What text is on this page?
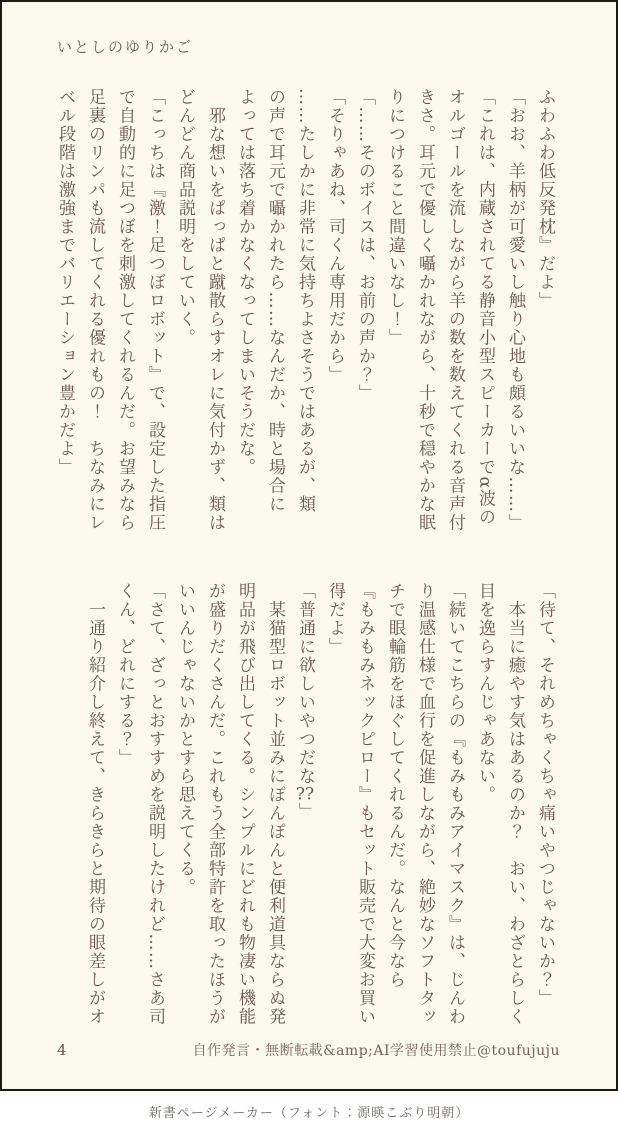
いとしのゆりかご
ふわふわ低反発枕』だよ」
「おお、羊柄が可愛いし触り心地も頗るいいな……」
「これは、内蔵されてる静音小型スピーカーでα波の
オルゴールを流しながら羊の数を数えてくれる音声付
きさ。耳元で優しく囁かれながら、十秒で穏やかな眠
りにつけること間違いなし！」
「……そのボイスは、お前の声か？」
「そりゃあね、司くん専用だから」
……たしかに非常に気持ちよさそうではあるが、類
の声で耳元で囁かれたら……なんだか、時と場合に
よっては落ち着かなくなってしまいそうだな。
　邪な想いをぱっぱと蹴散らすオレに気付かず、類は
どんどん商品説明をしていく。
「こっちは『激！足つぼロボット』で、設定した指圧
で自動的に足つぼを刺激してくれるんだ。お望みなら
足裏のリンパも流してくれる優れもの！　ちなみにレ
ベル段階は激強までバリエーション豊かだよ」
「待て、それめちゃくちゃ痛いやつじゃないか？」
　本当に癒やす気はあるのか？　おい、わざとらしく
目を逸らすんじゃあない。
「続いてこちらの『もみもみアイマスク』は、じんわ
り温感仕様で血行を促進しながら、絶妙なソフトタッ
チで眼輪筋をほぐしてくれるんだ。なんと今なら
『もみもみネックピロー』もセット販売で大変お買い
得だよ」
「普通に欲しいやつだな??」
　某猫型ロボット並みにぽんぽんと便利道具ならぬ発
明品が飛び出してくる。シンプルにどれも物凄い機能
が盛りだくさんだ。これもう全部特許を取ったほうが
いいんじゃないかとすら思えてくる。
「さて、ざっとおすすめを説明したけれど……さあ司
くん、どれにする？」
　一通り紹介し終えて、きらきらと期待の眼差しがオ
4	自作発言・無断転載&amp;AI学習使用禁止@toufujuju
新書ページメーカー（フォント：源暎こぶり明朝）
